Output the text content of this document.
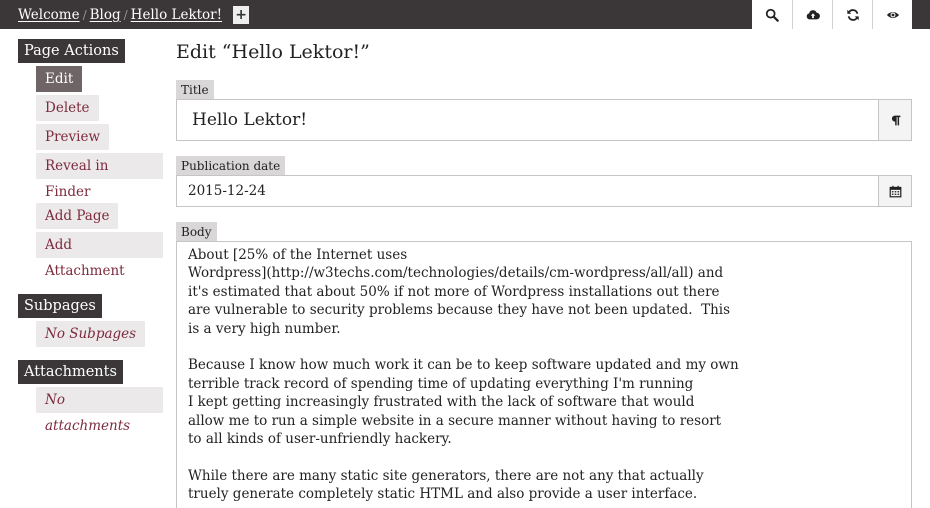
Welcome / Blog / Hello Lektor! +
Page Actions
Edit
Delete
Preview
Reveal in Finder
Add Page
Add Attachment
Subpages
No Subpages
Attachments
No attachments
Edit “Hello Lektor!”
Title
Hello Lektor!
Publication date
2015-12-24
Body
About [25% of the Internet uses
Wordpress](http://w3techs.com/technologies/details/cm-wordpress/all/all) and
it's estimated that about 50% if not more of Wordpress installations out there
are vulnerable to security problems because they have not been updated.  This
is a very high number.

Because I know how much work it can be to keep software updated and my own
terrible track record of spending time of updating everything I'm running
I kept getting increasingly frustrated with the lack of software that would
allow me to run a simple website in a secure manner without having to resort
to all kinds of user-unfriendly hackery.

While there are many static site generators, there are not any that actually
truely generate completely static HTML and also provide a user interface.
